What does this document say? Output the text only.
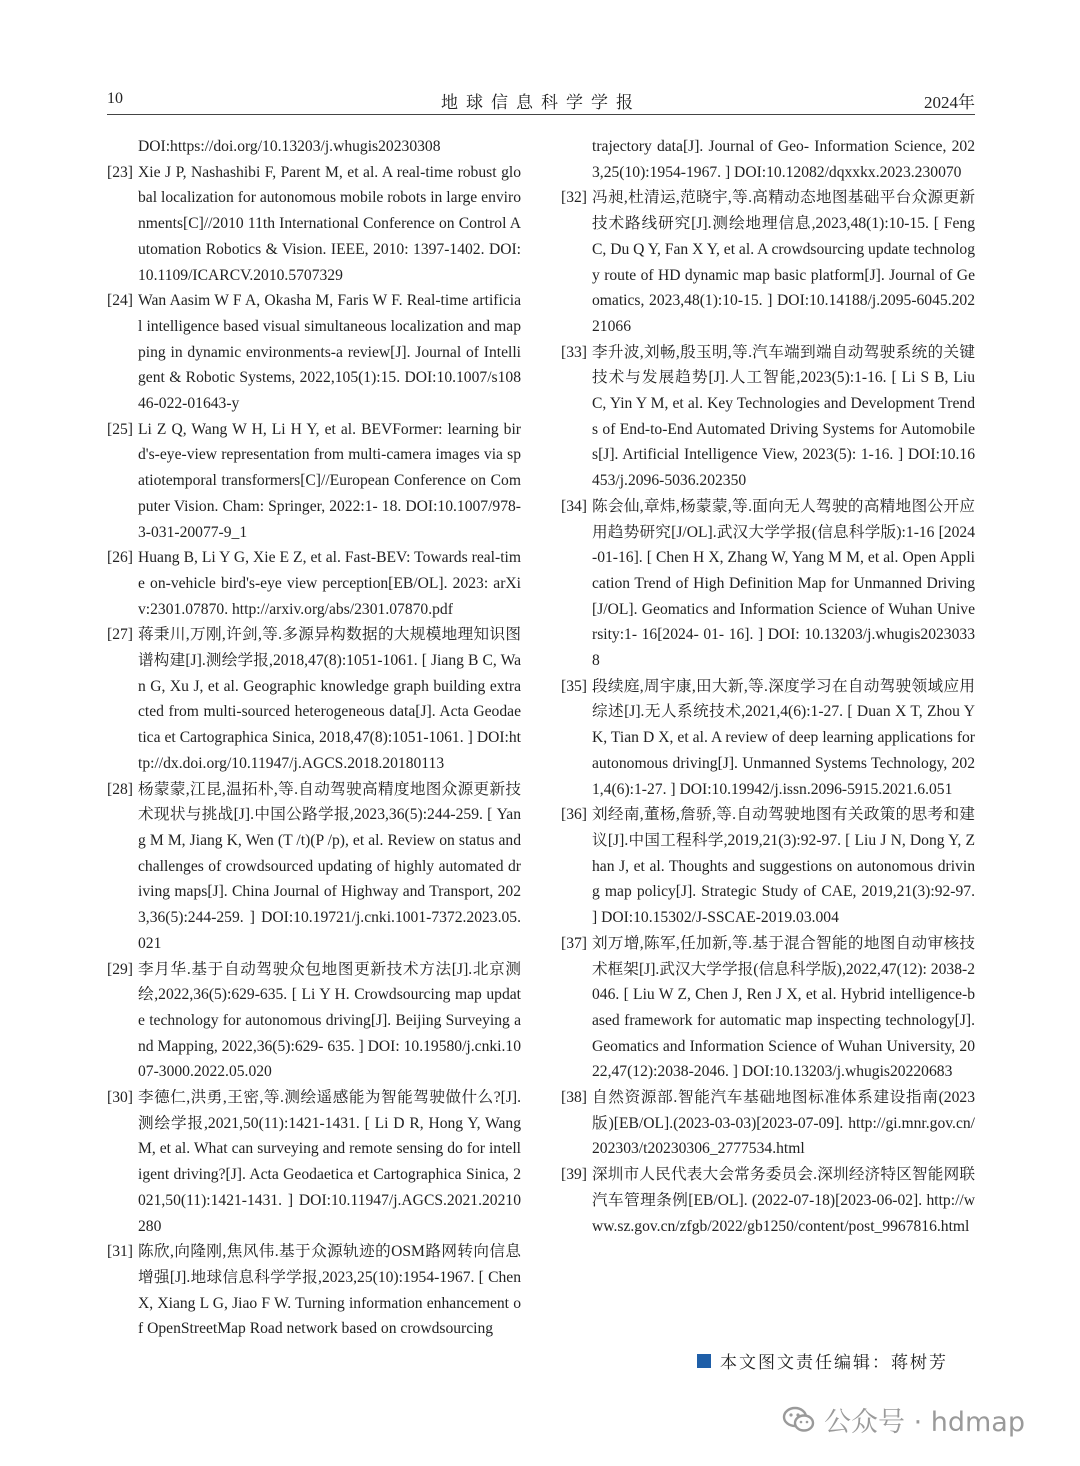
10	地球信息科学学报	2024年
DOI:https://doi.org/10.13203/j.whugis20230308
[23] Xie J P, Nashashibi F, Parent M, et al. A real-time robust global localization for autonomous mobile robots in large environments[C]//2010 11th International Conference on Control Automation Robotics & Vision. IEEE, 2010: 1397-1402. DOI:10.1109/ICARCV.2010.5707329
[24] Wan Aasim W F A, Okasha M, Faris W F. Real-time artificial intelligence based visual simultaneous localization and mapping in dynamic environments-a review[J]. Journal of Intelligent & Robotic Systems, 2022,105(1):15. DOI:10.1007/s10846-022-01643-y
[25] Li Z Q, Wang W H, Li H Y, et al. BEVFormer: learning bird's-eye-view representation from multi-camera images via spatiotemporal transformers[C]//European Conference on Computer Vision. Cham: Springer, 2022:1- 18. DOI:10.1007/978-3-031-20077-9_1
[26] Huang B, Li Y G, Xie E Z, et al. Fast-BEV: Towards real-time on-vehicle bird's-eye view perception[EB/OL]. 2023: arXiv:2301.07870. http://arxiv.org/abs/2301.07870.pdf
[27] 蒋秉川,万刚,许剑,等.多源异构数据的大规模地理知识图谱构建[J].测绘学报,2018,47(8):1051-1061. [ Jiang B C, Wan G, Xu J, et al. Geographic knowledge graph building extracted from multi-sourced heterogeneous data[J]. Acta Geodaetica et Cartographica Sinica, 2018,47(8):1051-1061. ] DOI:http://dx.doi.org/10.11947/j.AGCS.2018.20180113
[28] 杨蒙蒙,江昆,温拓朴,等.自动驾驶高精度地图众源更新技术现状与挑战[J].中国公路学报,2023,36(5):244-259. [ Yang M M, Jiang K, Wen (T /t)(P /p), et al. Review on status and challenges of crowdsourced updating of highly automated driving maps[J]. China Journal of Highway and Transport, 2023,36(5):244-259. ] DOI:10.19721/j.cnki.1001-7372.2023.05.021
[29] 李月华.基于自动驾驶众包地图更新技术方法[J].北京测绘,2022,36(5):629-635. [ Li Y H. Crowdsourcing map update technology for autonomous driving[J]. Beijing Surveying and Mapping, 2022,36(5):629- 635. ] DOI: 10.19580/j.cnki.1007-3000.2022.05.020
[30] 李德仁,洪勇,王密,等.测绘遥感能为智能驾驶做什么?[J].测绘学报,2021,50(11):1421-1431. [ Li D R, Hong Y, Wang M, et al. What can surveying and remote sensing do for intelligent driving?[J]. Acta Geodaetica et Cartographica Sinica, 2021,50(11):1421-1431. ] DOI:10.11947/j.AGCS.2021.20210280
[31] 陈欣,向隆刚,焦风伟.基于众源轨迹的OSM路网转向信息增强[J].地球信息科学学报,2023,25(10):1954-1967. [ Chen X, Xiang L G, Jiao F W. Turning information enhancement of OpenStreetMap Road network based on crowdsourcing
trajectory data[J]. Journal of Geo- Information Science, 2023,25(10):1954-1967. ] DOI:10.12082/dqxxkx.2023.230070
[32] 冯昶,杜清运,范晓宇,等.高精动态地图基础平台众源更新技术路线研究[J].测绘地理信息,2023,48(1):10-15. [ Feng C, Du Q Y, Fan X Y, et al. A crowdsourcing update technology route of HD dynamic map basic platform[J]. Journal of Geomatics, 2023,48(1):10-15. ] DOI:10.14188/j.2095-6045.20221066
[33] 李升波,刘畅,殷玉明,等.汽车端到端自动驾驶系统的关键技术与发展趋势[J].人工智能,2023(5):1-16. [ Li S B, Liu C, Yin Y M, et al. Key Technologies and Development Trends of End-to-End Automated Driving Systems for Automobiles[J]. Artificial Intelligence View, 2023(5): 1-16. ] DOI:10.16453/j.2096-5036.202350
[34] 陈会仙,章炜,杨蒙蒙,等.面向无人驾驶的高精地图公开应用趋势研究[J/OL].武汉大学学报(信息科学版):1-16 [2024-01-16]. [ Chen H X, Zhang W, Yang M M, et al. Open Application Trend of High Definition Map for Unmanned Driving[J/OL]. Geomatics and Information Science of Wuhan University:1- 16[2024- 01- 16]. ] DOI: 10.13203/j.whugis20230338
[35] 段续庭,周宇康,田大新,等.深度学习在自动驾驶领域应用综述[J].无人系统技术,2021,4(6):1-27. [ Duan X T, Zhou Y K, Tian D X, et al. A review of deep learning applications for autonomous driving[J]. Unmanned Systems Technology, 2021,4(6):1-27. ] DOI:10.19942/j.issn.2096-5915.2021.6.051
[36] 刘经南,董杨,詹骄,等.自动驾驶地图有关政策的思考和建议[J].中国工程科学,2019,21(3):92-97. [ Liu J N, Dong Y, Zhan J, et al. Thoughts and suggestions on autonomous driving map policy[J]. Strategic Study of CAE, 2019,21(3):92-97. ] DOI:10.15302/J-SSCAE-2019.03.004
[37] 刘万增,陈军,任加新,等.基于混合智能的地图自动审核技术框架[J].武汉大学学报(信息科学版),2022,47(12): 2038-2046. [ Liu W Z, Chen J, Ren J X, et al. Hybrid intelligence-based framework for automatic map inspecting technology[J]. Geomatics and Information Science of Wuhan University, 2022,47(12):2038-2046. ] DOI:10.13203/j.whugis20220683
[38] 自然资源部.智能汽车基础地图标准体系建设指南(2023版)[EB/OL].(2023-03-03)[2023-07-09]. http://gi.mnr.gov.cn/202303/t20230306_2777534.html
[39] 深圳市人民代表大会常务委员会.深圳经济特区智能网联汽车管理条例[EB/OL]. (2022-07-18)[2023-06-02]. http://www.sz.gov.cn/zfgb/2022/gb1250/content/post_9967816.html
本文图文责任编辑：蒋树芳
公众号 · hdmap
